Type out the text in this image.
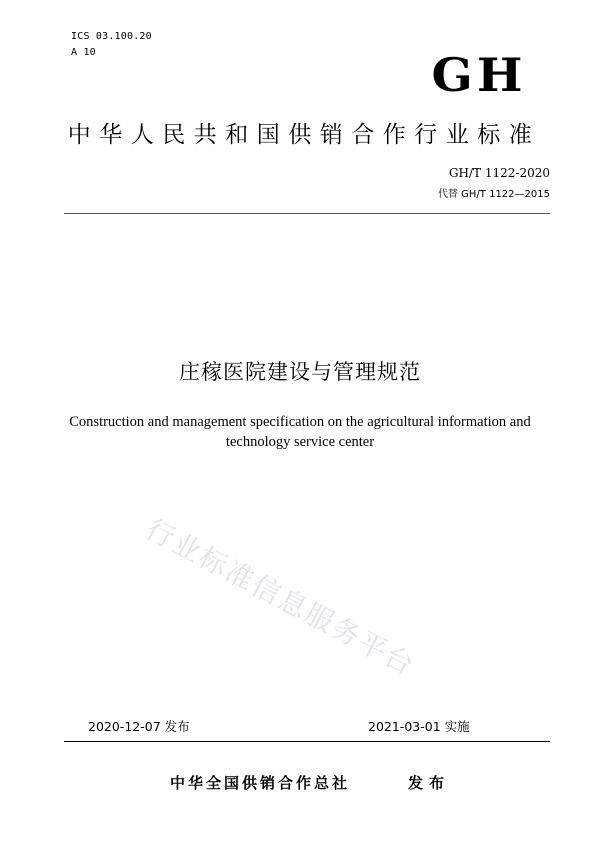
ICS 03.100.20
A 10	GH
中华人民共和国供销合作行业标准
GH/T 1122-2020
代替 GH/T 1122—2015
庄稼医院建设与管理规范
Construction and management specification on the agricultural information and
technology service center
行业标准信息服务平台
2020-12-07 发布	2021-03-01 实施
中华全国供销合作总社	发布
